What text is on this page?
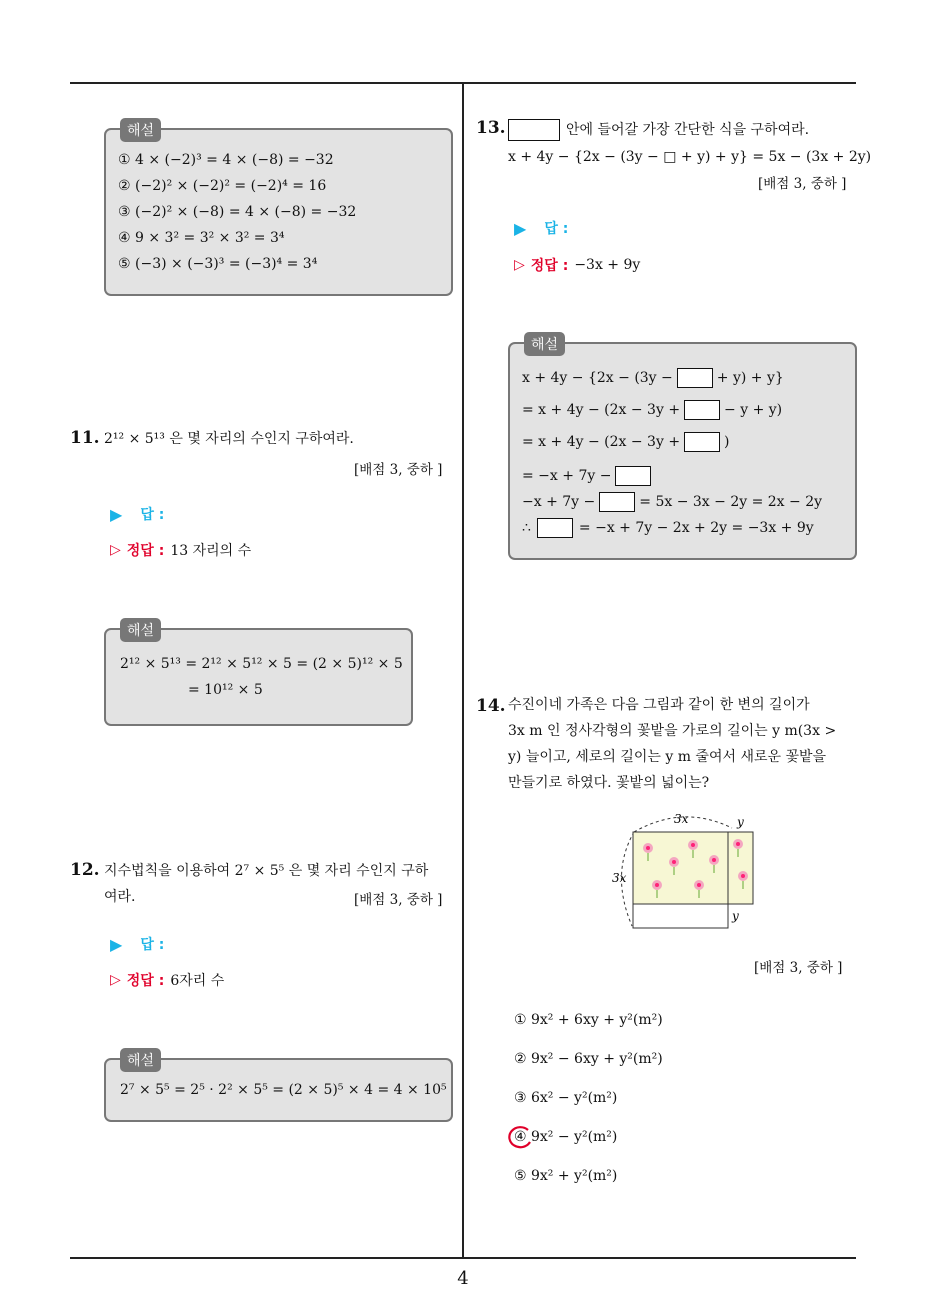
해설
① 4 × (−2)³ = 4 × (−8) = −32
② (−2)² × (−2)² = (−2)⁴ = 16
③ (−2)² × (−8) = 4 × (−8) = −32
④ 9 × 3² = 3² × 3² = 3⁴
⑤ (−3) × (−3)³ = (−3)⁴ = 3⁴
11. 2¹² × 5¹³ 은 몇 자리의 수인지 구하여라.
[배점 3, 중하 ]
▶ 답 :
▷ 정답 : 13 자리의 수
해설
2¹² × 5¹³ = 2¹² × 5¹² × 5 = (2 × 5)¹² × 5
= 10¹² × 5
12. 지수법칙을 이용하여 2⁷ × 5⁵ 은 몇 자리 수인지 구하
여라.	[배점 3, 중하 ]
▶ 답 :
▷ 정답 : 6자리 수
해설
2⁷ × 5⁵ = 2⁵ · 2² × 5⁵ = (2 × 5)⁵ × 4 = 4 × 10⁵
13.	안에 들어갈 가장 간단한 식을 구하여라.
x + 4y − {2x − (3y − □ + y) + y} = 5x − (3x + 2y)
[배점 3, 중하 ]
▶ 답 :
▷ 정답 : −3x + 9y
해설
x + 4y − {2x − (3y −	+ y) + y}
= x + 4y − (2x − 3y +	− y + y)
= x + 4y − (2x − 3y +	)
= −x + 7y −
−x + 7y −	= 5x − 3x − 2y = 2x − 2y
∴	= −x + 7y − 2x + 2y = −3x + 9y
14. 수진이네 가족은 다음 그림과 같이 한 변의 길이가
3x m 인 정사각형의 꽃밭을 가로의 길이는 y m(3x >
y) 늘이고, 세로의 길이는 y m 줄여서 새로운 꽃밭을
만들기로 하였다. 꽃밭의 넓이는?
3x
3x
y
y
[배점 3, 중하 ]
① 9x² + 6xy + y²(m²)
② 9x² − 6xy + y²(m²)
③ 6x² − y²(m²)
④ 9x² − y²(m²)
⑤ 9x² + y²(m²)
4
